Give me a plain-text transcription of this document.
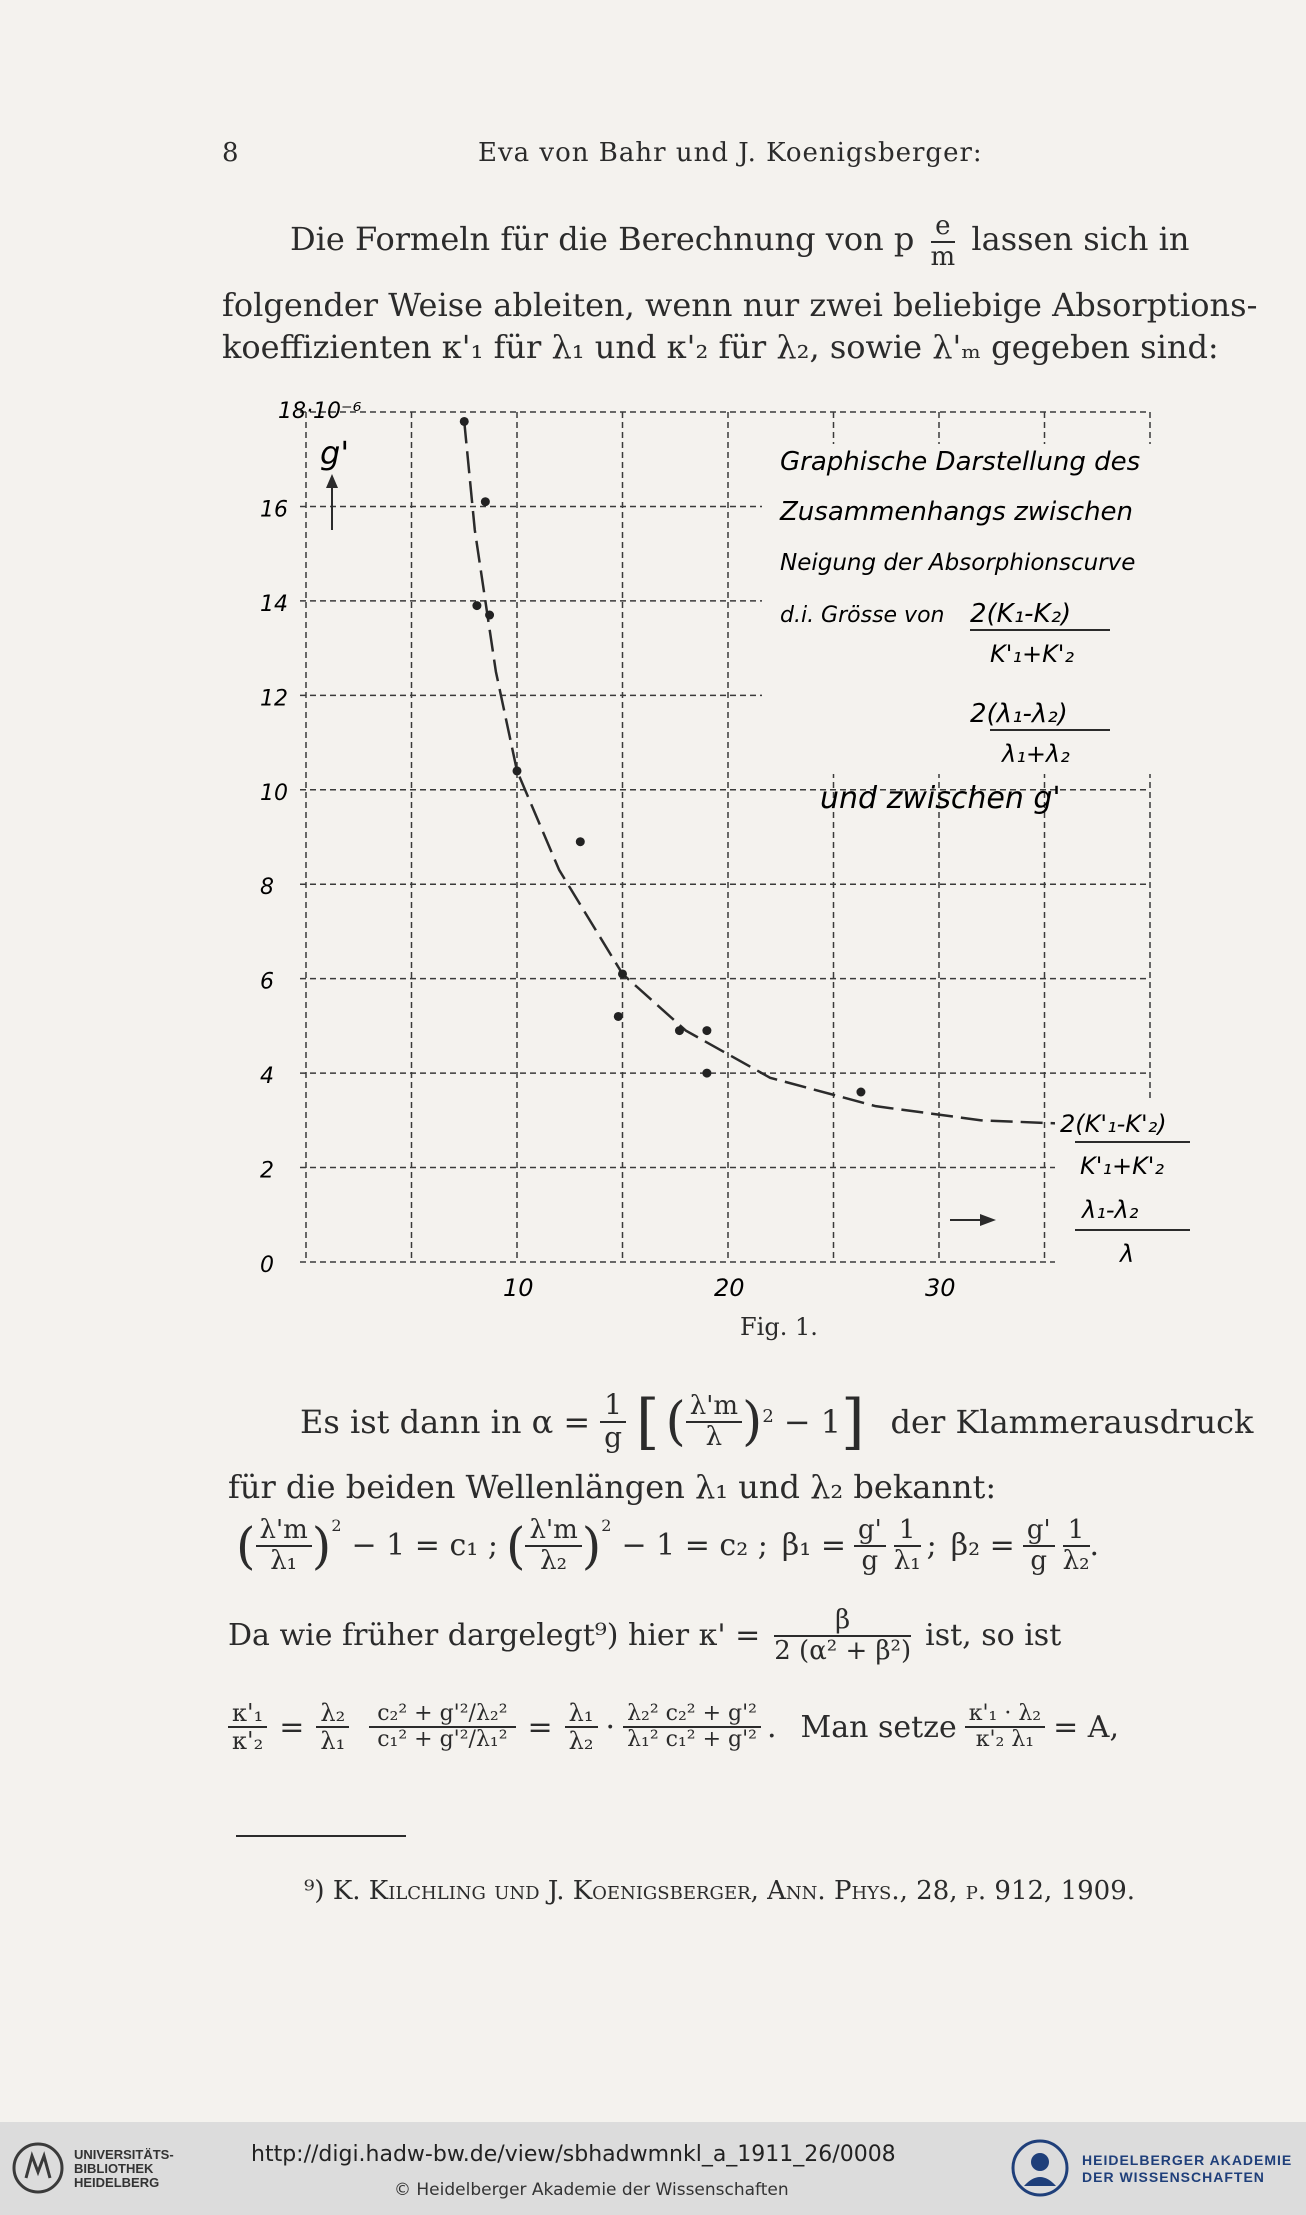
8	Eva von Bahr und J. Koenigsberger:
Die Formeln für die Berechnung von p $\frac{e}{m}$ lassen sich in
folgender Weise ableiten, wenn nur zwei beliebige Absorptions-
koeffizienten κ'₁ für λ₁ und κ'₂ für λ₂, sowie λ'ₘ gegeben sind:
16
14
12
10
8
6
4
2
0
10	20	30
18·10⁻⁶
g'	Graphische Darstellung des
Zusammenhangs zwischen
Neigung der Absorphionscurve
d.i. Grösse von 2(K₁-K₂)
K'₁+K'₂
2(λ₁-λ₂)
λ₁+λ₂
und zwischen g'
2(K'₁-K'₂)
K'₁+K'₂
λ₁-λ₂
λ
Fig. 1.
Es ist dann in $\alpha = \frac{1}{g}$ [ ( $\frac{\lambda'm}{\lambda}$ ) 2 − 1 ] der Klammerausdruck
für die beiden Wellenlängen λ₁ und λ₂ bekannt:
( $\frac{\lambda'm}{\text{λ₁}}$ ) 2
− 1 = c₁ ; ( $\frac{\lambda'm}{\text{λ₂}}$ ) 2
− 1 = c₂ ; $\beta_1 = \frac{g'}{g} \frac{1}{\text{λ₁}}$ ; $\beta_2 = \frac{g'}{g} \frac{1}{\text{λ₂}}$ .
Da wie früher dargelegt⁹) hier $\kappa' = \frac{\beta}{\text{2 (α² + β²)}}$ ist, so ist
$\frac{\text{κ'₁}}{\text{κ'₂}} = \frac{\text{λ₂}}{\text{λ₁}} \frac{\text{c₂² + g'²/λ₂²}}{\text{c₁² + g'²/λ₁²}} = \frac{\text{λ₁}}{\text{λ₂}} \cdot \frac{\text{λ₂² c₂² + g'²}}{\text{λ₁² c₁² + g'²}}$ . Man setze $\frac{\text{κ'₁ · λ₂}}{\text{κ'₂ λ₁}} = A$,
⁹) K. Kilchling und J. Koenigsberger, Ann. Phys., 28, p. 912, 1909.
UNIVERSITÄTS-
BIBLIOTHEK
HEIDELBERG
http://digi.hadw-bw.de/view/sbhadwmnkl_a_1911_26/0008
© Heidelberger Akademie der Wissenschaften
HEIDELBERGER AKADEMIE
DER WISSENSCHAFTEN
